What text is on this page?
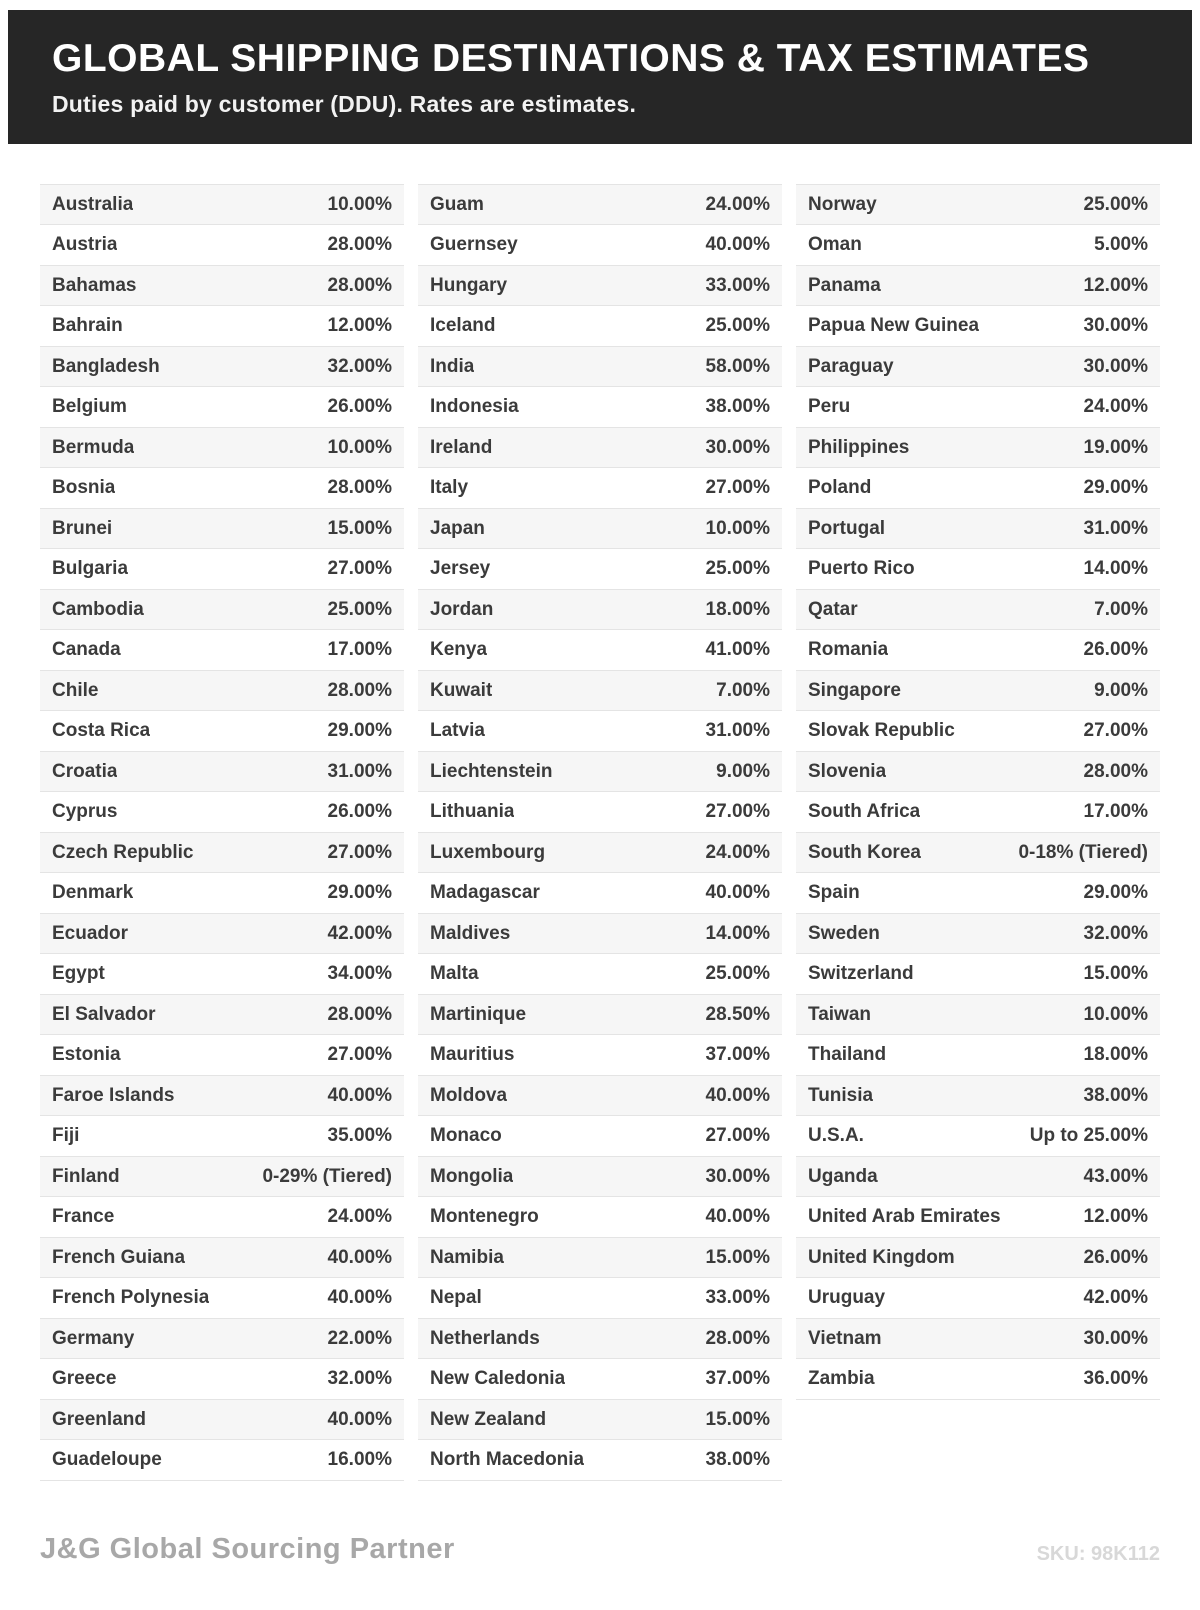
GLOBAL SHIPPING DESTINATIONS & TAX ESTIMATES

Duties paid by customer (DDU). Rates are estimates.

Australia	10.00%
Austria	28.00%
Bahamas	28.00%
Bahrain	12.00%
Bangladesh	32.00%
Belgium	26.00%
Bermuda	10.00%
Bosnia	28.00%
Brunei	15.00%
Bulgaria	27.00%
Cambodia	25.00%
Canada	17.00%
Chile	28.00%
Costa Rica	29.00%
Croatia	31.00%
Cyprus	26.00%
Czech Republic	27.00%
Denmark	29.00%
Ecuador	42.00%
Egypt	34.00%
El Salvador	28.00%
Estonia	27.00%
Faroe Islands	40.00%
Fiji	35.00%
Finland	0-29% (Tiered)
France	24.00%
French Guiana	40.00%
French Polynesia	40.00%
Germany	22.00%
Greece	32.00%
Greenland	40.00%
Guadeloupe	16.00%
Guam	24.00%
Guernsey	40.00%
Hungary	33.00%
Iceland	25.00%
India	58.00%
Indonesia	38.00%
Ireland	30.00%
Italy	27.00%
Japan	10.00%
Jersey	25.00%
Jordan	18.00%
Kenya	41.00%
Kuwait	7.00%
Latvia	31.00%
Liechtenstein	9.00%
Lithuania	27.00%
Luxembourg	24.00%
Madagascar	40.00%
Maldives	14.00%
Malta	25.00%
Martinique	28.50%
Mauritius	37.00%
Moldova	40.00%
Monaco	27.00%
Mongolia	30.00%
Montenegro	40.00%
Namibia	15.00%
Nepal	33.00%
Netherlands	28.00%
New Caledonia	37.00%
New Zealand	15.00%
North Macedonia	38.00%
Norway	25.00%
Oman	5.00%
Panama	12.00%
Papua New Guinea	30.00%
Paraguay	30.00%
Peru	24.00%
Philippines	19.00%
Poland	29.00%
Portugal	31.00%
Puerto Rico	14.00%
Qatar	7.00%
Romania	26.00%
Singapore	9.00%
Slovak Republic	27.00%
Slovenia	28.00%
South Africa	17.00%
South Korea	0-18% (Tiered)
Spain	29.00%
Sweden	32.00%
Switzerland	15.00%
Taiwan	10.00%
Thailand	18.00%
Tunisia	38.00%
U.S.A.	Up to 25.00%
Uganda	43.00%
United Arab Emirates	12.00%
United Kingdom	26.00%
Uruguay	42.00%
Vietnam	30.00%
Zambia	36.00%
J&G Global Sourcing Partner	SKU: 98K112
